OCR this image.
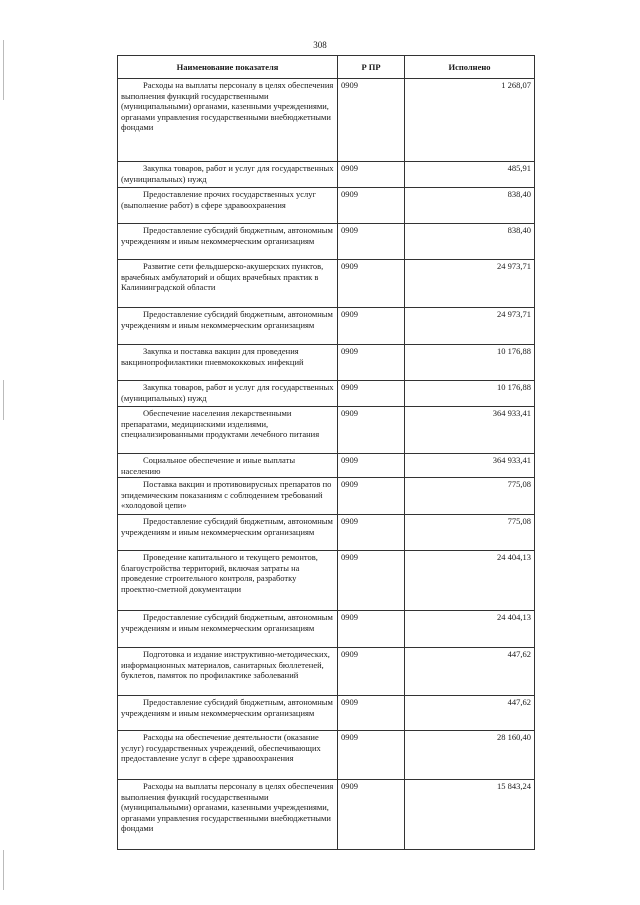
308
Наименование показателя	Р ПР	Исполнено
Расходы на выплаты персоналу в целях обеспечения выполнения функций государственными (муниципальными) органами, казенными учреждениями, органами управления государственными внебюджетными фондами	0909	1 268,07
Закупка товаров, работ и услуг для государственных (муниципальных) нужд	0909	485,91
Предоставление прочих государственных услуг (выполнение работ) в сфере здравоохранения	0909	838,40
Предоставление субсидий бюджетным, автономным учреждениям и иным некоммерческим организациям	0909	838,40
Развитие сети фельдшерско-акушерских пунктов, врачебных амбулаторий и общих врачебных практик в Калининградской области	0909	24 973,71
Предоставление субсидий бюджетным, автономным учреждениям и иным некоммерческим организациям	0909	24 973,71
Закупка и поставка вакцин для проведения вакцинопрофилактики пневмококковых инфекций	0909	10 176,88
Закупка товаров, работ и услуг для государственных (муниципальных) нужд	0909	10 176,88
Обеспечение населения лекарственными препаратами, медицинскими изделиями, специализированными продуктами лечебного питания	0909	364 933,41
Социальное обеспечение и иные выплаты населению	0909	364 933,41
Поставка вакцин и противовирусных препаратов по эпидемическим показаниям с соблюдением требований «холодовой цепи»	0909	775,08
Предоставление субсидий бюджетным, автономным учреждениям и иным некоммерческим организациям	0909	775,08
Проведение капитального и текущего ремонтов, благоустройства территорий, включая затраты на проведение строительного контроля, разработку проектно-сметной документации	0909	24 404,13
Предоставление субсидий бюджетным, автономным учреждениям и иным некоммерческим организациям	0909	24 404,13
Подготовка и издание инструктивно-методических, информационных материалов, санитарных бюллетеней, буклетов, памяток по профилактике заболеваний	0909	447,62
Предоставление субсидий бюджетным, автономным учреждениям и иным некоммерческим организациям	0909	447,62
Расходы на обеспечение деятельности (оказание услуг) государственных учреждений, обеспечивающих предоставление услуг в сфере здравоохранения	0909	28 160,40
Расходы на выплаты персоналу в целях обеспечения выполнения функций государственными (муниципальными) органами, казенными учреждениями, органами управления государственными внебюджетными фондами	0909	15 843,24
